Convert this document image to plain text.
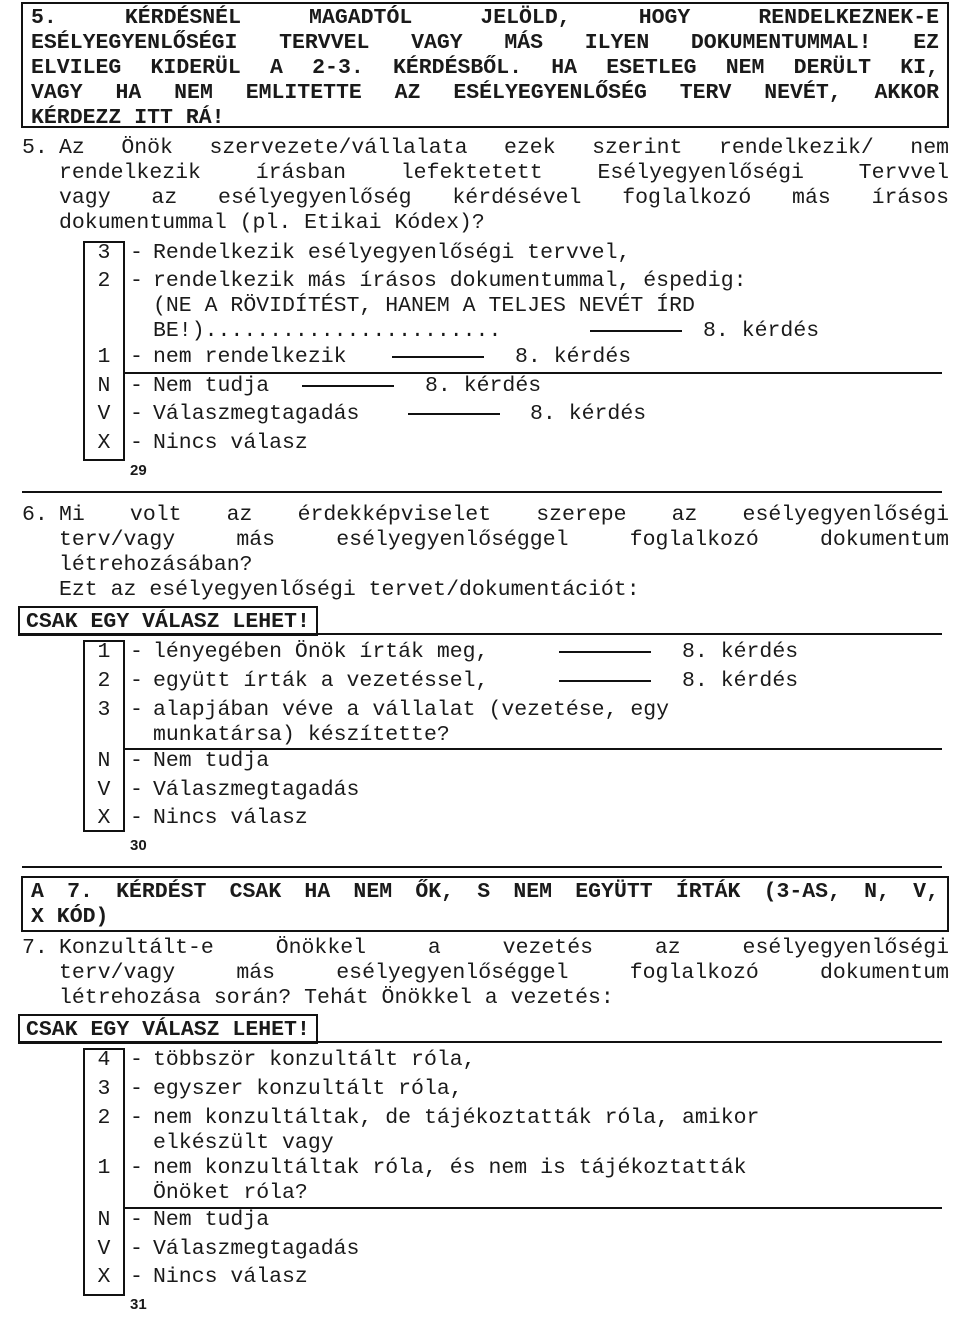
5. KÉRDÉSNÉL MAGADTÓL JELÖLD, HOGY RENDELKEZNEK-E
ESÉLYEGYENLŐSÉGI TERVVEL VAGY MÁS ILYEN DOKUMENTUMMAL! EZ
ELVILEG KIDERÜL A 2-3. KÉRDÉSBŐL. HA ESETLEG NEM DERÜLT KI,
VAGY HA NEM EMLITETTE AZ ESÉLYEGYENLŐSÉG TERV NEVÉT, AKKOR
KÉRDEZZ ITT RÁ!
5. Az Önök szervezete/vállalata ezek szerint rendelkezik/ nem
rendelkezik írásban lefektetett Esélyegyenlőségi Tervvel
vagy az esélyegyenlőség kérdésével foglalkozó más írásos
dokumentummal (pl. Etikai Kódex)?
3 - Rendelkezik esélyegyenlőségi tervvel,
2 - rendelkezik más írásos dokumentummal, éspedig:
(NE A RÖVIDÍTÉST, HANEM A TELJES NEVÉT ÍRD
BE!).......................	8. kérdés
1 - nem rendelkezik	8. kérdés
N - Nem tudja	8. kérdés
V - Válaszmegtagadás	8. kérdés
X - Nincs válasz
29
6. Mi volt az érdekképviselet szerepe az esélyegyenlőségi
terv/vagy más esélyegyenlőséggel foglalkozó dokumentum
létrehozásában?
Ezt az esélyegyenlőségi tervet/dokumentációt:
CSAK EGY VÁLASZ LEHET!
1 - lényegében Önök írták meg,	8. kérdés
2 - együtt írták a vezetéssel,	8. kérdés
3 - alapjában véve a vállalat (vezetése, egy
munkatársa) készítette?
N - Nem tudja
V - Válaszmegtagadás
X - Nincs válasz
30
A 7. KÉRDÉST CSAK HA NEM ŐK, S NEM EGYÜTT ÍRTÁK (3-AS, N, V,
X KÓD)
7. Konzultált-e Önökkel a vezetés az esélyegyenlőségi
terv/vagy más esélyegyenlőséggel foglalkozó dokumentum
létrehozása során? Tehát Önökkel a vezetés:
CSAK EGY VÁLASZ LEHET!
4 - többször konzultált róla,
3 - egyszer konzultált róla,
2 - nem konzultáltak, de tájékoztatták róla, amikor
elkészült vagy
1 - nem konzultáltak róla, és nem is tájékoztatták
Önöket róla?
N - Nem tudja
V - Válaszmegtagadás
X - Nincs válasz
31
